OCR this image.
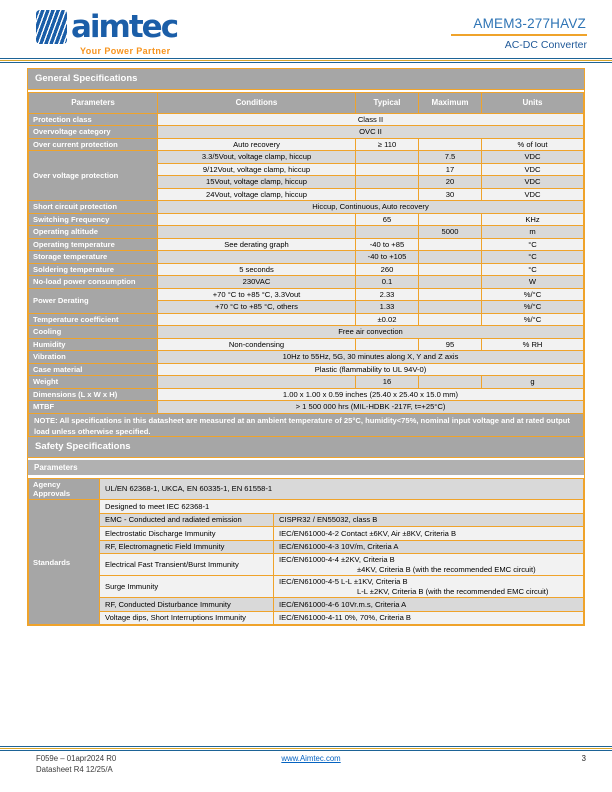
aimtec
Your Power Partner
AMEM3-277HAVZ
AC-DC Converter
General Specifications
Parameters	Conditions	Typical	Maximum	Units
Protection class	Class II			
Overvoltage category	OVC II			
Over current protection	Auto recovery	≥ 110		% of Iout
Over voltage protection	3.3/5Vout, voltage clamp, hiccup		7.5	VDC
	9/12Vout, voltage clamp, hiccup		17	VDC
	15Vout, voltage clamp, hiccup		20	VDC
	24Vout, voltage clamp, hiccup		30	VDC
Short circuit protection	Hiccup, Continuous, Auto recovery			
Switching Frequency		65		KHz
Operating altitude			5000	m
Operating temperature	See derating graph	-40 to +85		°C
Storage temperature		-40 to +105		°C
Soldering temperature	5 seconds	260		°C
No-load power consumption	230VAC	0.1		W
Power Derating	+70 °C to +85 °C, 3.3Vout	2.33		%/°C
	+70 °C to +85 °C, others	1.33		%/°C
Temperature coefficient		±0.02		%/°C
Cooling	Free air convection			
Humidity	Non-condensing		95	% RH
Vibration	10Hz to 55Hz, 5G, 30 minutes along X, Y and Z axis			
Case material	Plastic (flammability to UL 94V-0)			
Weight		16		g
Dimensions (L x W x H)	1.00 x 1.00 x 0.59 inches (25.40 x 25.40 x 15.0 mm)			
MTBF	> 1 500 000 hrs (MIL-HDBK -217F, t=+25°C)			
NOTE: All specifications in this datasheet are measured at an ambient temperature of 25°C, humidity<75%, nominal input voltage and at rated output load unless otherwise specified.				
Safety Specifications
Parameters
Agency Approvals	UL/EN 62368-1, UKCA, EN 60335-1, EN 61558-1	
Standards	Designed to meet IEC 62368-1	
	EMC - Conducted and radiated emission	CISPR32 / EN55032, class B
	Electrostatic Discharge Immunity	IEC/EN61000-4-2 Contact ±6KV, Air ±8KV, Criteria B
	RF, Electromagnetic Field Immunity	IEC/EN61000-4-3 10V/m, Criteria A
	Electrical Fast Transient/Burst Immunity	IEC/EN61000-4-4 ±2KV, Criteria B
±4KV, Criteria B (with the recommended EMC circuit)

	Surge Immunity	IEC/EN61000-4-5 L-L ±1KV, Criteria B
L-L ±2KV, Criteria B (with the recommended EMC circuit)

	RF, Conducted Disturbance Immunity	IEC/EN61000-4-6 10Vr.m.s, Criteria A
	Voltage dips, Short Interruptions Immunity	IEC/EN61000-4-11 0%, 70%, Criteria B
F059e – 01apr2024 R0
Datasheet R4 12/25/A
www.Aimtec.com	3
